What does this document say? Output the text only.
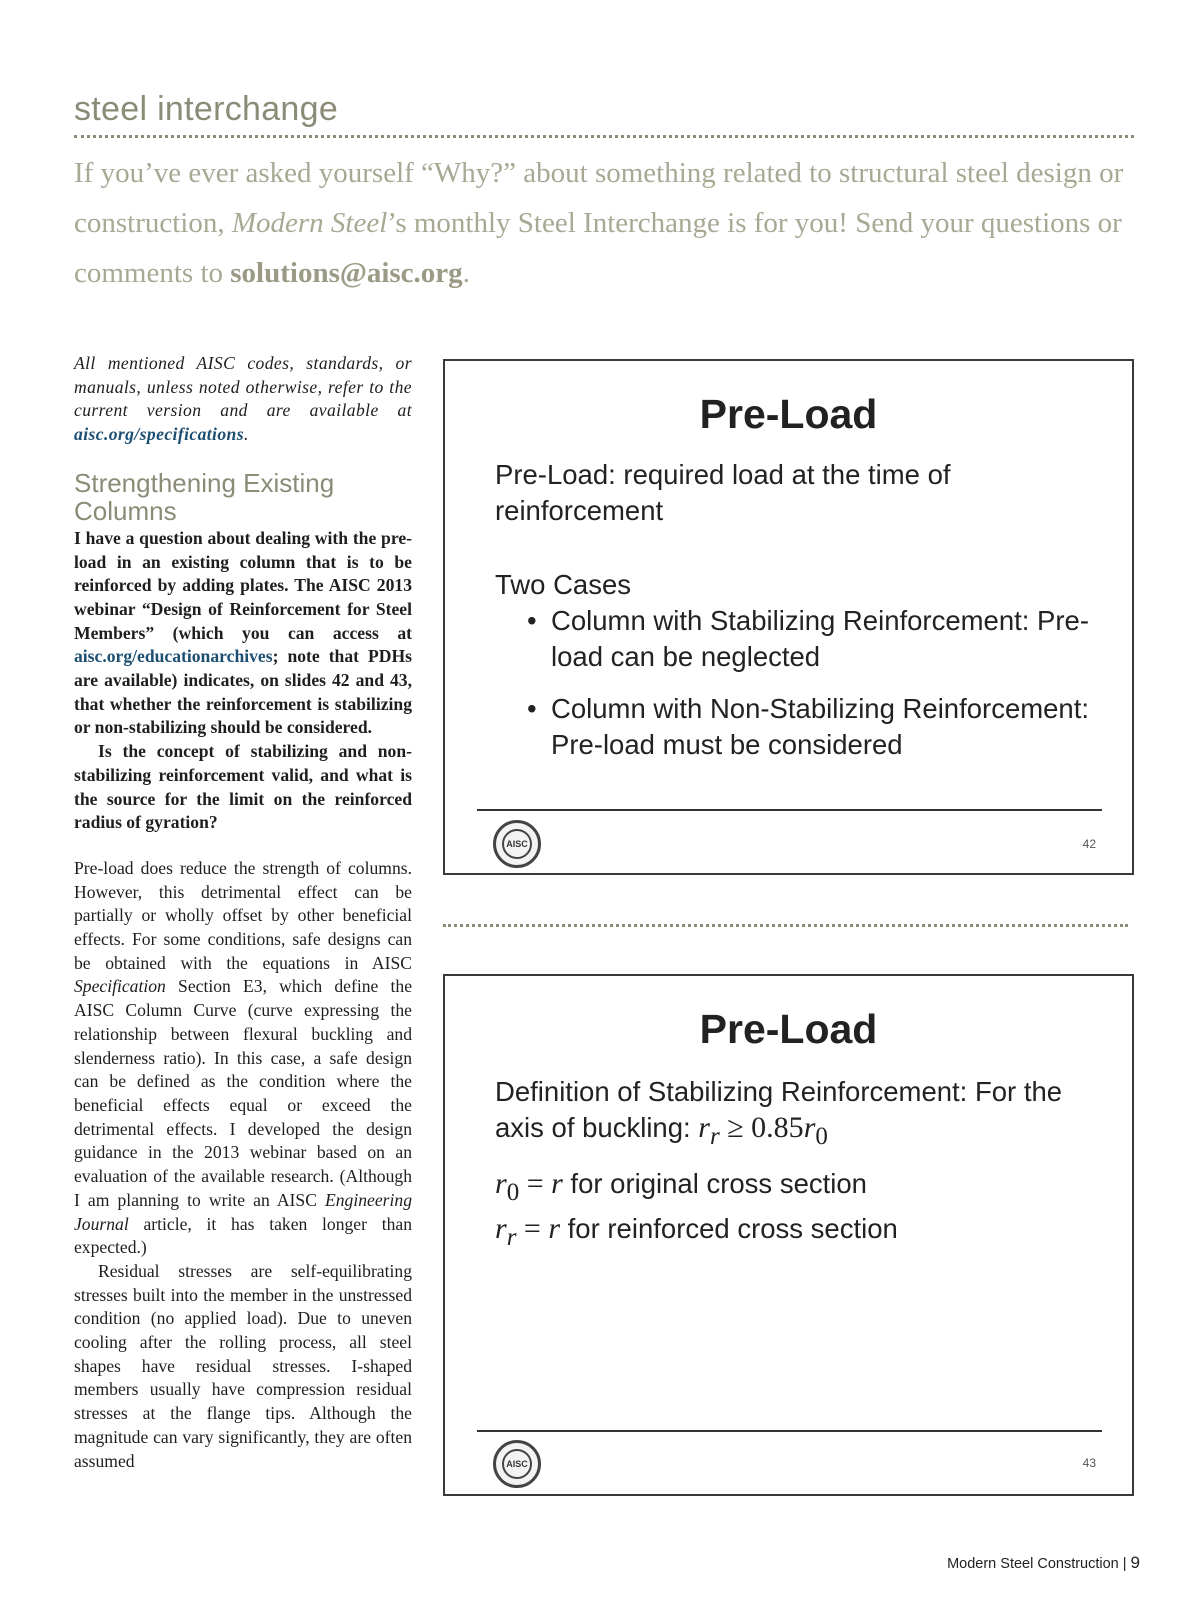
steel interchange

If you’ve ever asked yourself “Why?” about something related to structural steel design or construction, Modern Steel’s monthly Steel Interchange is for you! Send your questions or comments to solutions@aisc.org.

All mentioned AISC codes, standards, or manuals, unless noted otherwise, refer to the current version and are available at aisc.org/specifications.

Strengthening Existing Columns

I have a question about dealing with the pre-load in an existing column that is to be reinforced by adding plates. The AISC 2013 webinar “Design of Reinforcement for Steel Members” (which you can access at aisc.org/educationarchives; note that PDHs are available) indicates, on slides 42 and 43, that whether the reinforcement is stabilizing or non-stabilizing should be considered.

Is the concept of stabilizing and non-stabilizing reinforcement valid, and what is the source for the limit on the reinforced radius of gyration?

Pre-load does reduce the strength of columns. However, this detrimental effect can be partially or wholly offset by other beneficial effects. For some conditions, safe designs can be obtained with the equations in AISC Specification Section E3, which define the AISC Column Curve (curve expressing the relationship between flexural buckling and slenderness ratio). In this case, a safe design can be defined as the condition where the beneficial effects equal or exceed the detrimental effects. I developed the design guidance in the 2013 webinar based on an evaluation of the available research. (Although I am planning to write an AISC Engineering Journal article, it has taken longer than expected.)

Residual stresses are self-equilibrating stresses built into the member in the unstressed condition (no applied load). Due to uneven cooling after the rolling process, all steel shapes have residual stresses. I-shaped members usually have compression residual stresses at the flange tips. Although the magnitude can vary significantly, they are often assumed

Pre-Load
Pre-Load: required load at the time of reinforcement
Two Cases
• Column with Stabilizing Reinforcement: Pre-load can be neglected
• Column with Non-Stabilizing Reinforcement: Pre-load must be considered
AISC	42
Pre-Load
Definition of Stabilizing Reinforcement: For the axis of buckling: $r_r \ge 0.85r_0$
$r_0 = r$ for original cross section
$r_r = r$ for reinforced cross section
AISC	43
Modern Steel Construction | 9
